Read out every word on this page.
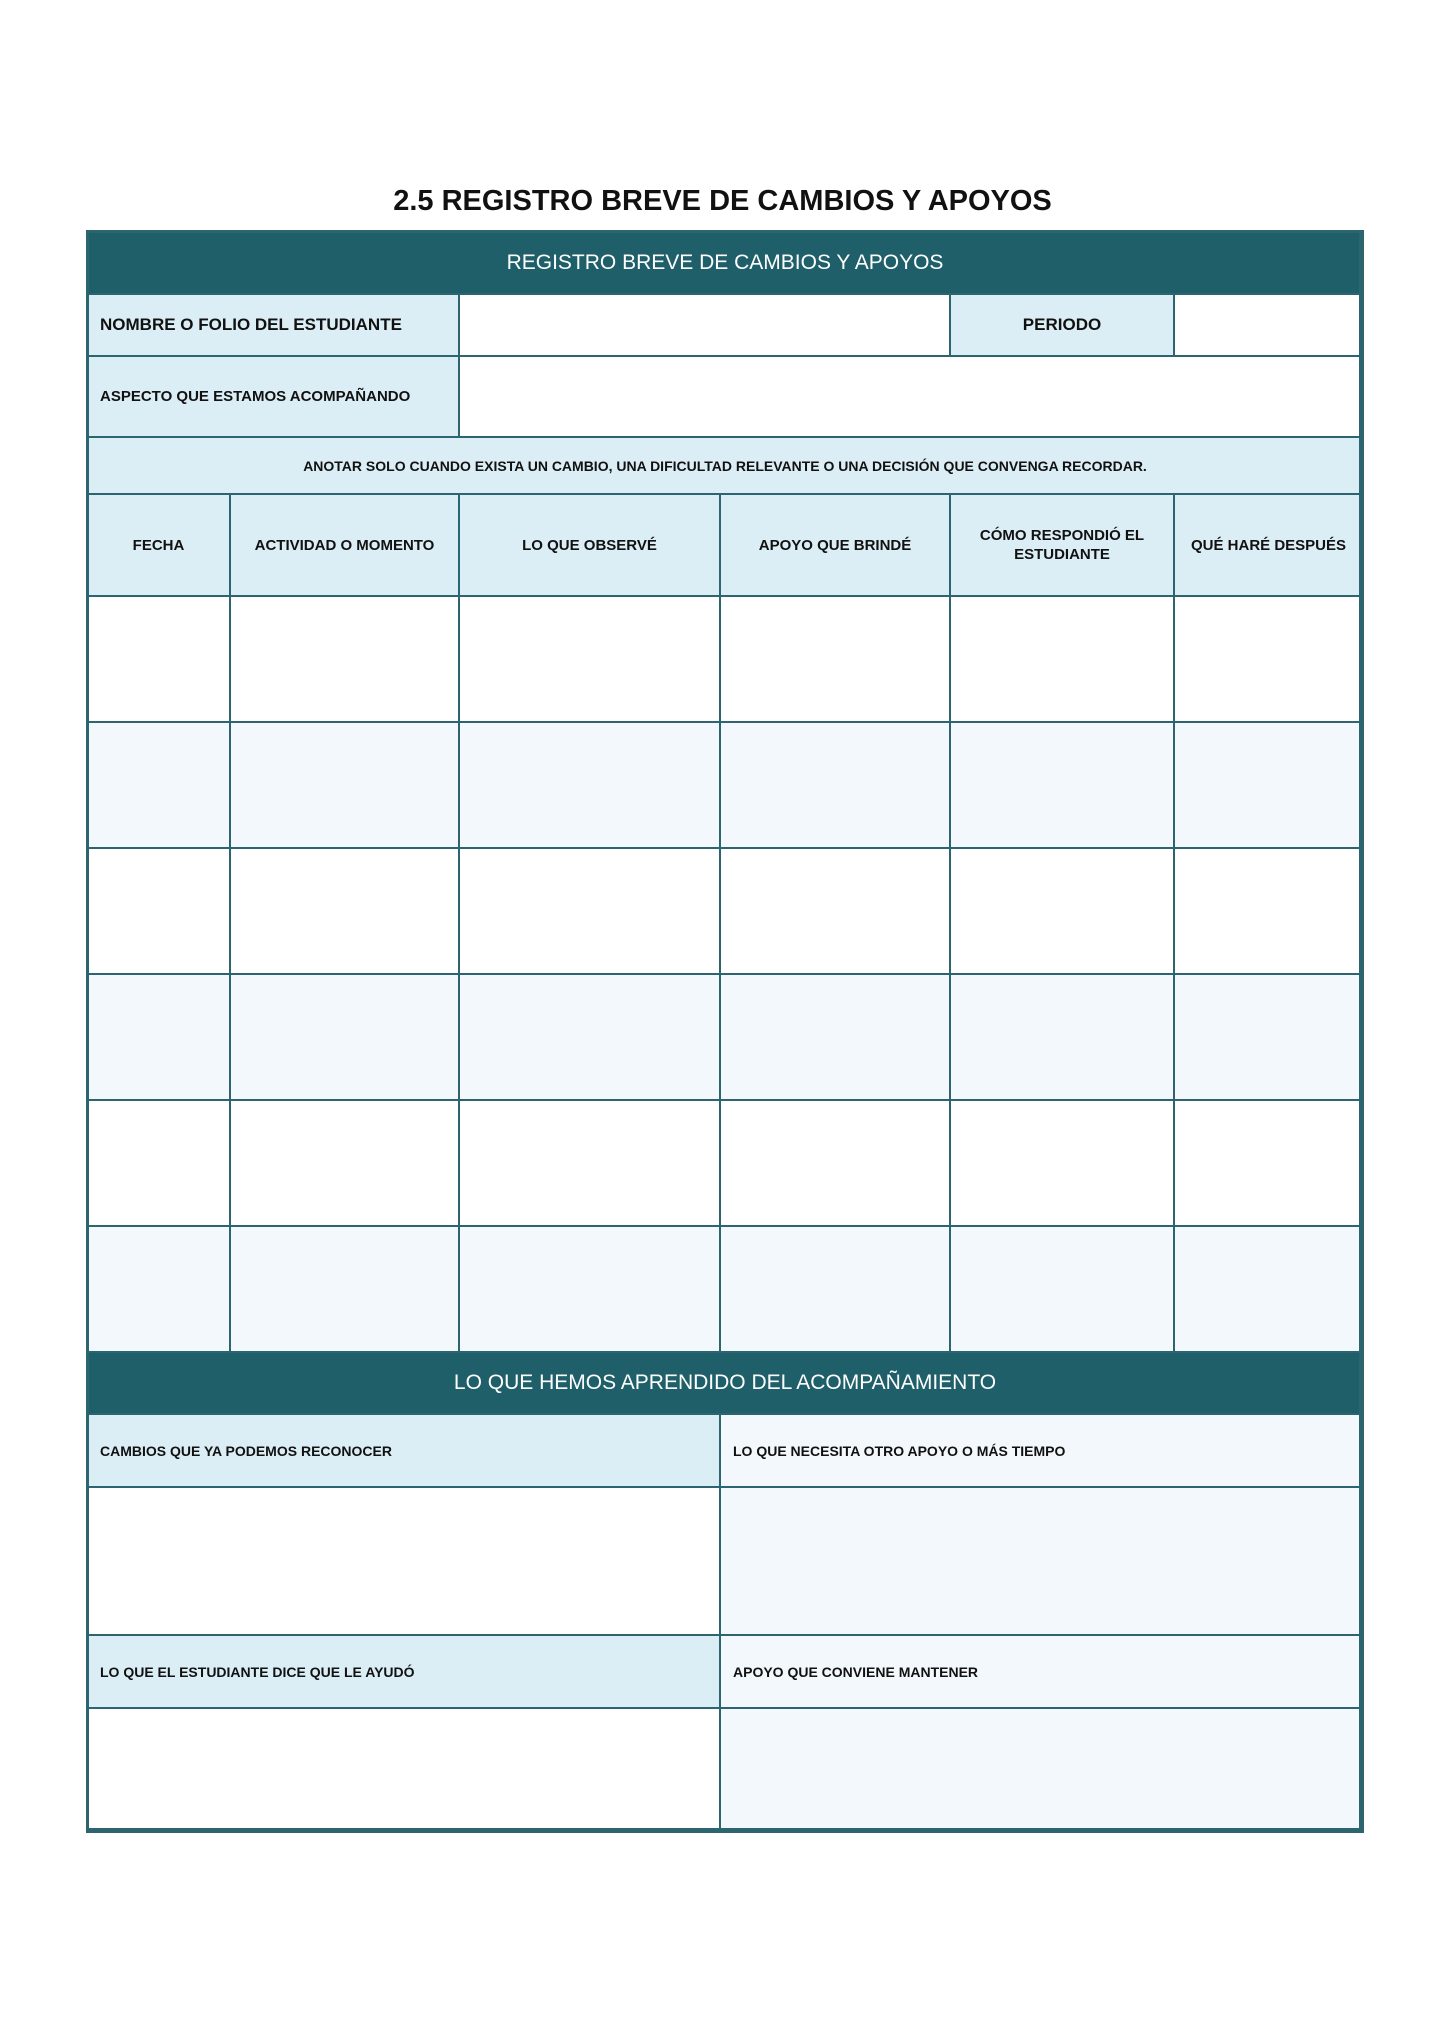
2.5 REGISTRO BREVE DE CAMBIOS Y APOYOS
REGISTRO BREVE DE CAMBIOS Y APOYOS					
NOMBRE O FOLIO DEL ESTUDIANTE				PERIODO	
ASPECTO QUE ESTAMOS ACOMPAÑANDO					
ANOTAR SOLO CUANDO EXISTA UN CAMBIO, UNA DIFICULTAD RELEVANTE O UNA DECISIÓN QUE CONVENGA RECORDAR.					
FECHA	ACTIVIDAD O MOMENTO	LO QUE OBSERVÉ	APOYO QUE BRINDÉ	CÓMO RESPONDIÓ EL ESTUDIANTE	QUÉ HARÉ DESPUÉS

LO QUE HEMOS APRENDIDO DEL ACOMPAÑAMIENTO	
CAMBIOS QUE YA PODEMOS RECONOCER	LO QUE NECESITA OTRO APOYO O MÁS TIEMPO

LO QUE EL ESTUDIANTE DICE QUE LE AYUDÓ	APOYO QUE CONVIENE MANTENER
